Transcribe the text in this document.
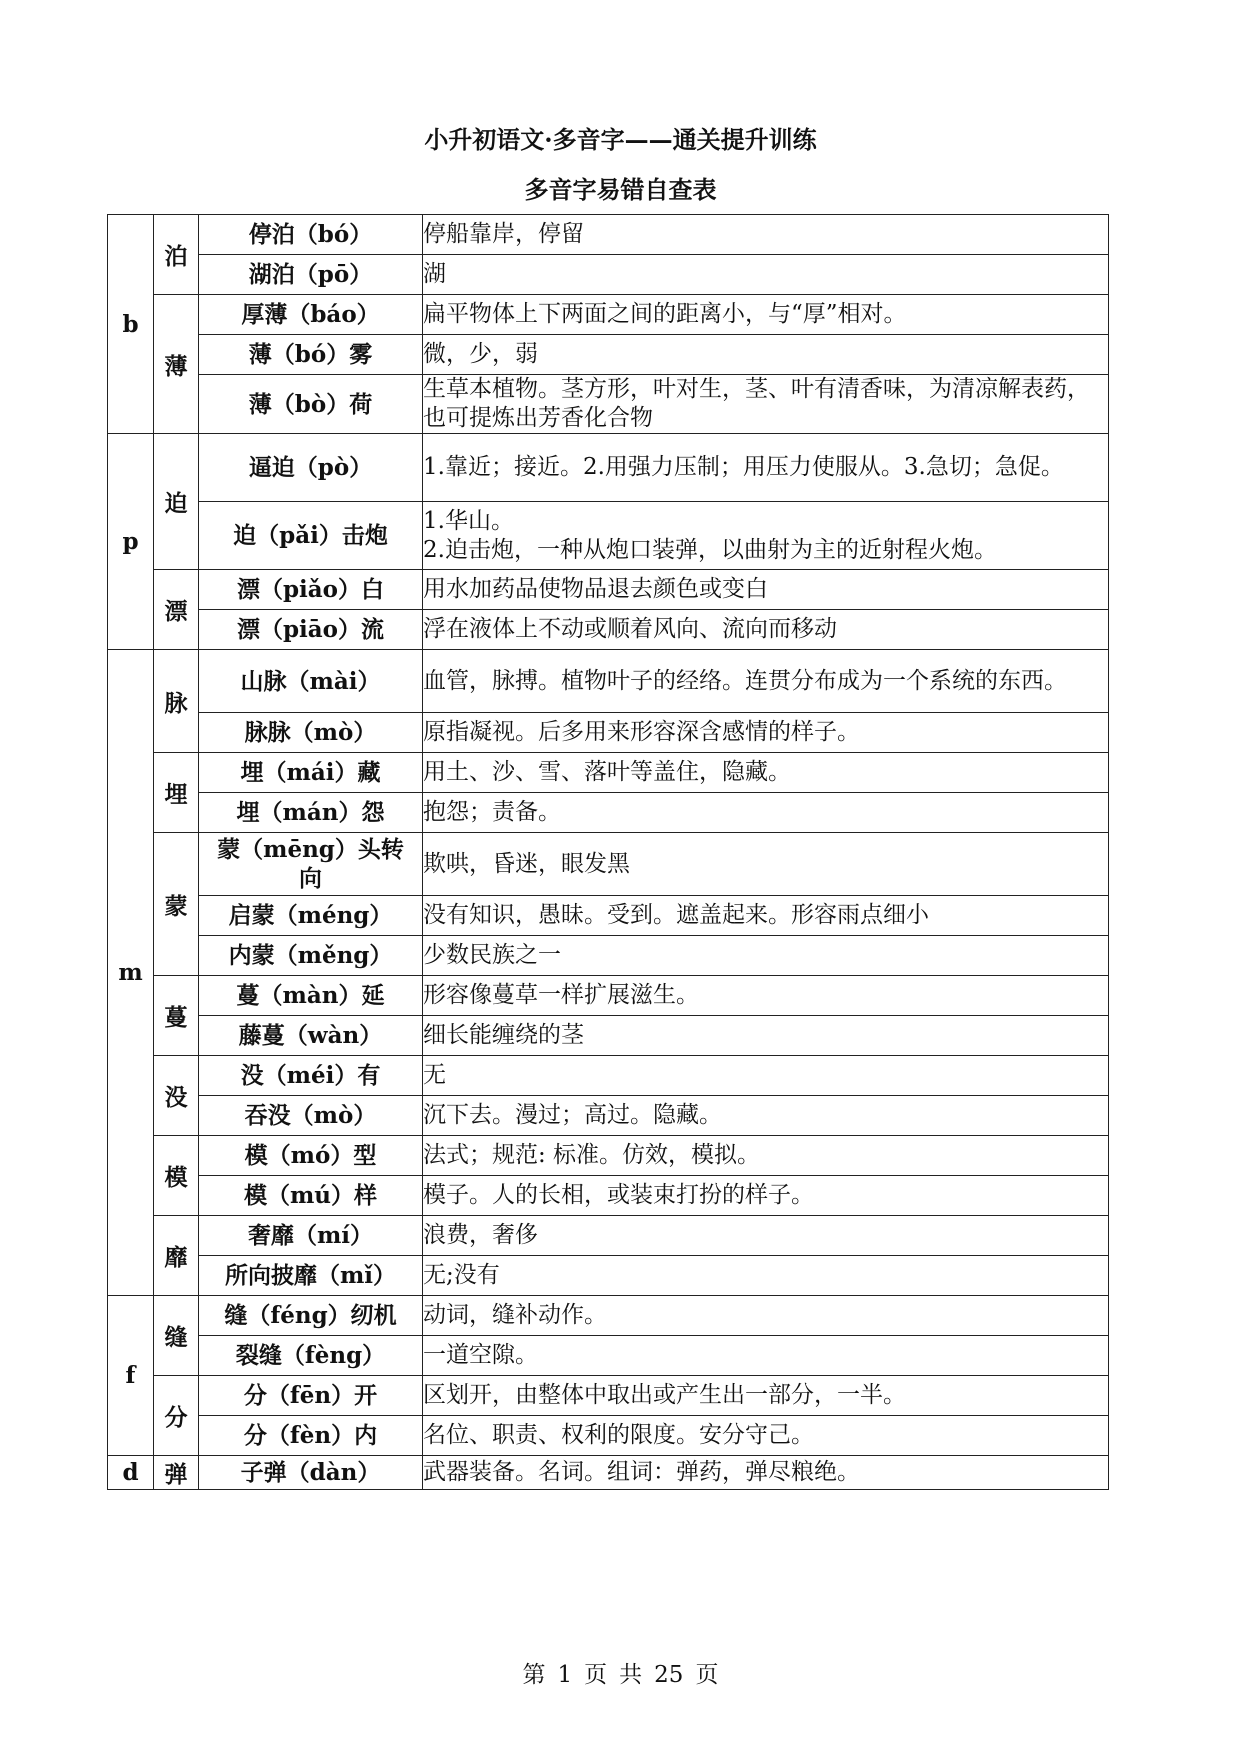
小升初语文·多音字——通关提升训练
多音字易错自查表
b	泊	停泊（bó）	停船靠岸，停留
		湖泊（pō）	湖
	薄	厚薄（báo）	扁平物体上下两面之间的距离小，与“厚”相对。
		薄（bó）雾	微，少，弱
		薄（bò）荷	生草本植物。茎方形，叶对生，茎、叶有清香味，为清凉解表药，也可提炼出芳香化合物
p	迫	逼迫（pò）	1.靠近；接近。2.用强力压制；用压力使服从。3.急切；急促。
		迫（pǎi）击炮	1.华山。
2.迫击炮，一种从炮口装弹，以曲射为主的近射程火炮。
	漂	漂（piǎo）白	用水加药品使物品退去颜色或变白
		漂（piāo）流	浮在液体上不动或顺着风向、流向而移动
m	脉	山脉（mài）	血管，脉搏。植物叶子的经络。连贯分布成为一个系统的东西。
		脉脉（mò）	原指凝视。后多用来形容深含感情的样子。
	埋	埋（mái）藏	用土、沙、雪、落叶等盖住，隐藏。
		埋（mán）怨	抱怨；责备。
	蒙	蒙（mēng）头转向	欺哄，昏迷，眼发黑
		启蒙（méng）	没有知识，愚昧。受到。遮盖起来。形容雨点细小
		内蒙（měng）	少数民族之一
	蔓	蔓（màn）延	形容像蔓草一样扩展滋生。
		藤蔓（wàn）	细长能缠绕的茎
	没	没（méi）有	无
		吞没（mò）	沉下去。漫过；高过。隐藏。
	模	模（mó）型	法式；规范: 标准。仿效，模拟。
		模（mú）样	模子。人的长相，或装束打扮的样子。
	靡	奢靡（mí）	浪费，奢侈
		所向披靡（mǐ）	无;没有
f	缝	缝（féng）纫机	动词，缝补动作。
		裂缝（fèng）	一道空隙。
	分	分（fēn）开	区划开，由整体中取出或产生出一部分，一半。
		分（fèn）内	名位、职责、权利的限度。安分守己。
d	弹	子弹（dàn）	武器装备。名词。组词：弹药，弹尽粮绝。
第 1 页 共 25 页
